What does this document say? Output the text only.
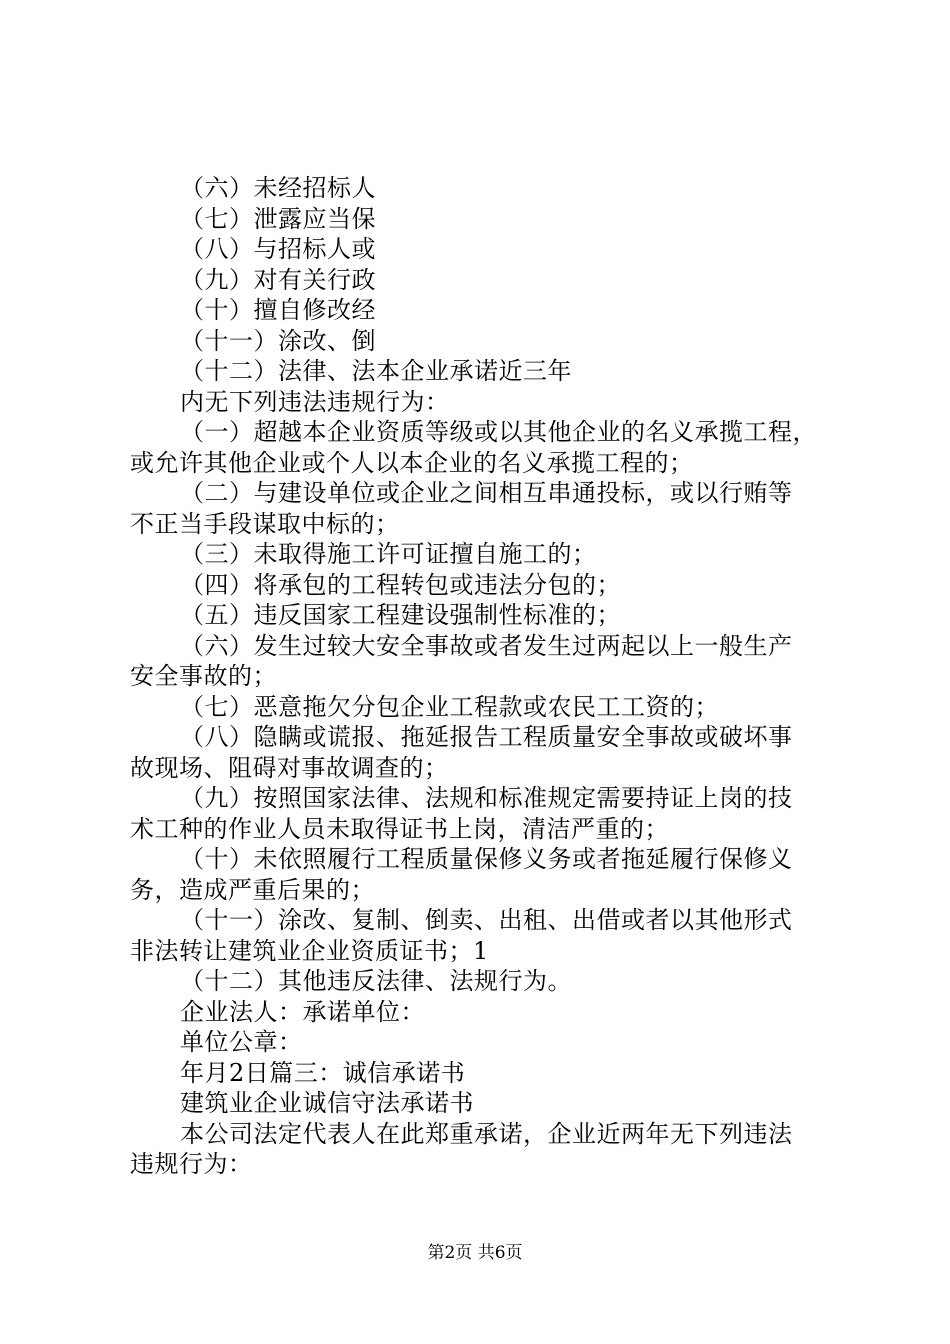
（六）未经招标人
（七）泄露应当保
（八）与招标人或
（九）对有关行政
（十）擅自修改经
（十一）涂改、倒
（十二）法律、法本企业承诺近三年
内无下列违法违规行为：
（一）超越本企业资质等级或以其他企业的名义承揽工程，
或允许其他企业或个人以本企业的名义承揽工程的；
（二）与建设单位或企业之间相互串通投标，或以行贿等
不正当手段谋取中标的；
（三）未取得施工许可证擅自施工的；
（四）将承包的工程转包或违法分包的；
（五）违反国家工程建设强制性标准的；
（六）发生过较大安全事故或者发生过两起以上一般生产
安全事故的；
（七）恶意拖欠分包企业工程款或农民工工资的；
（八）隐瞒或谎报、拖延报告工程质量安全事故或破坏事
故现场、阻碍对事故调查的；
（九）按照国家法律、法规和标准规定需要持证上岗的技
术工种的作业人员未取得证书上岗，清洁严重的；
（十）未依照履行工程质量保修义务或者拖延履行保修义
务，造成严重后果的；
（十一）涂改、复制、倒卖、出租、出借或者以其他形式
非法转让建筑业企业资质证书；1
（十二）其他违反法律、法规行为。
企业法人：承诺单位：
单位公章：
年月2日篇三：诚信承诺书
建筑业企业诚信守法承诺书
本公司法定代表人在此郑重承诺，企业近两年无下列违法
违规行为：
第2页 共6页
